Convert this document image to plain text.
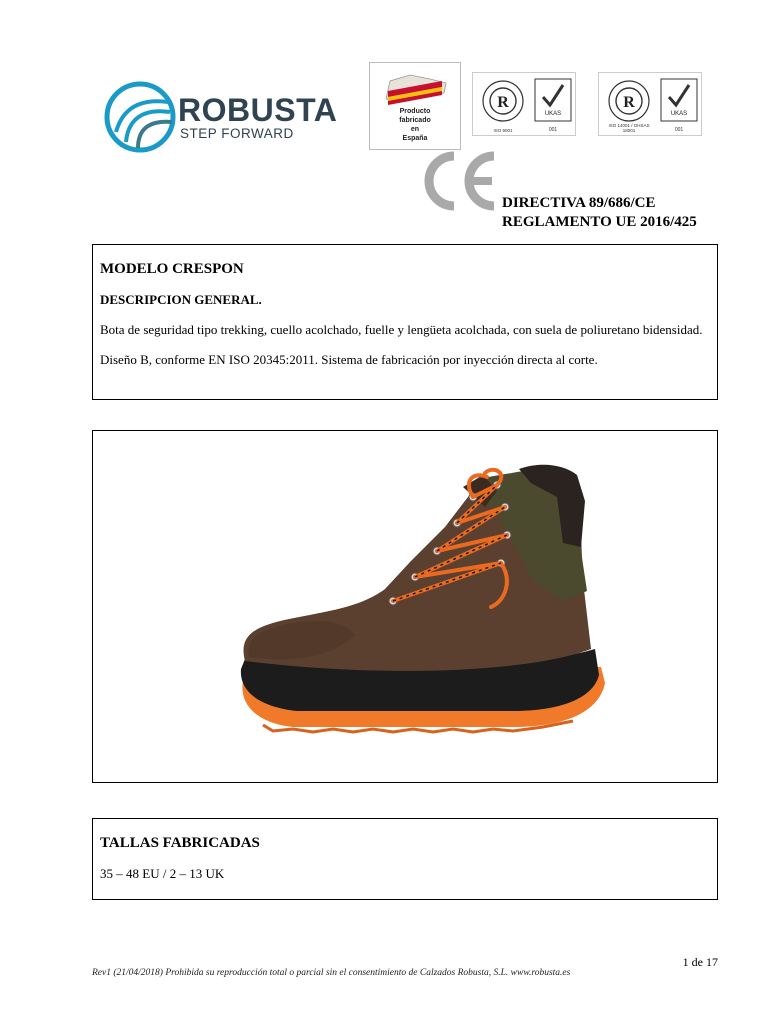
ROBUSTA
STEP FORWARD
Producto
fabricado
en
España
R
UKAS
ISO 9001	001
R
UKAS
ISO 14001 / OHSAS 18001	001
DIRECTIVA 89/686/CE
REGLAMENTO UE 2016/425
MODELO CRESPON
DESCRIPCION GENERAL.

Bota de seguridad tipo trekking, cuello acolchado, fuelle y lengüeta acolchada, con suela de poliuretano bidensidad.

Diseño B, conforme EN ISO 20345:2011. Sistema de fabricación por inyección directa al corte.

TALLAS FABRICADAS
35 – 48 EU / 2 – 13 UK
1 de 17
Rev1 (21/04/2018) Prohibida su reproducción total o parcial sin el consentimiento de Calzados Robusta, S.L. www.robusta.es
